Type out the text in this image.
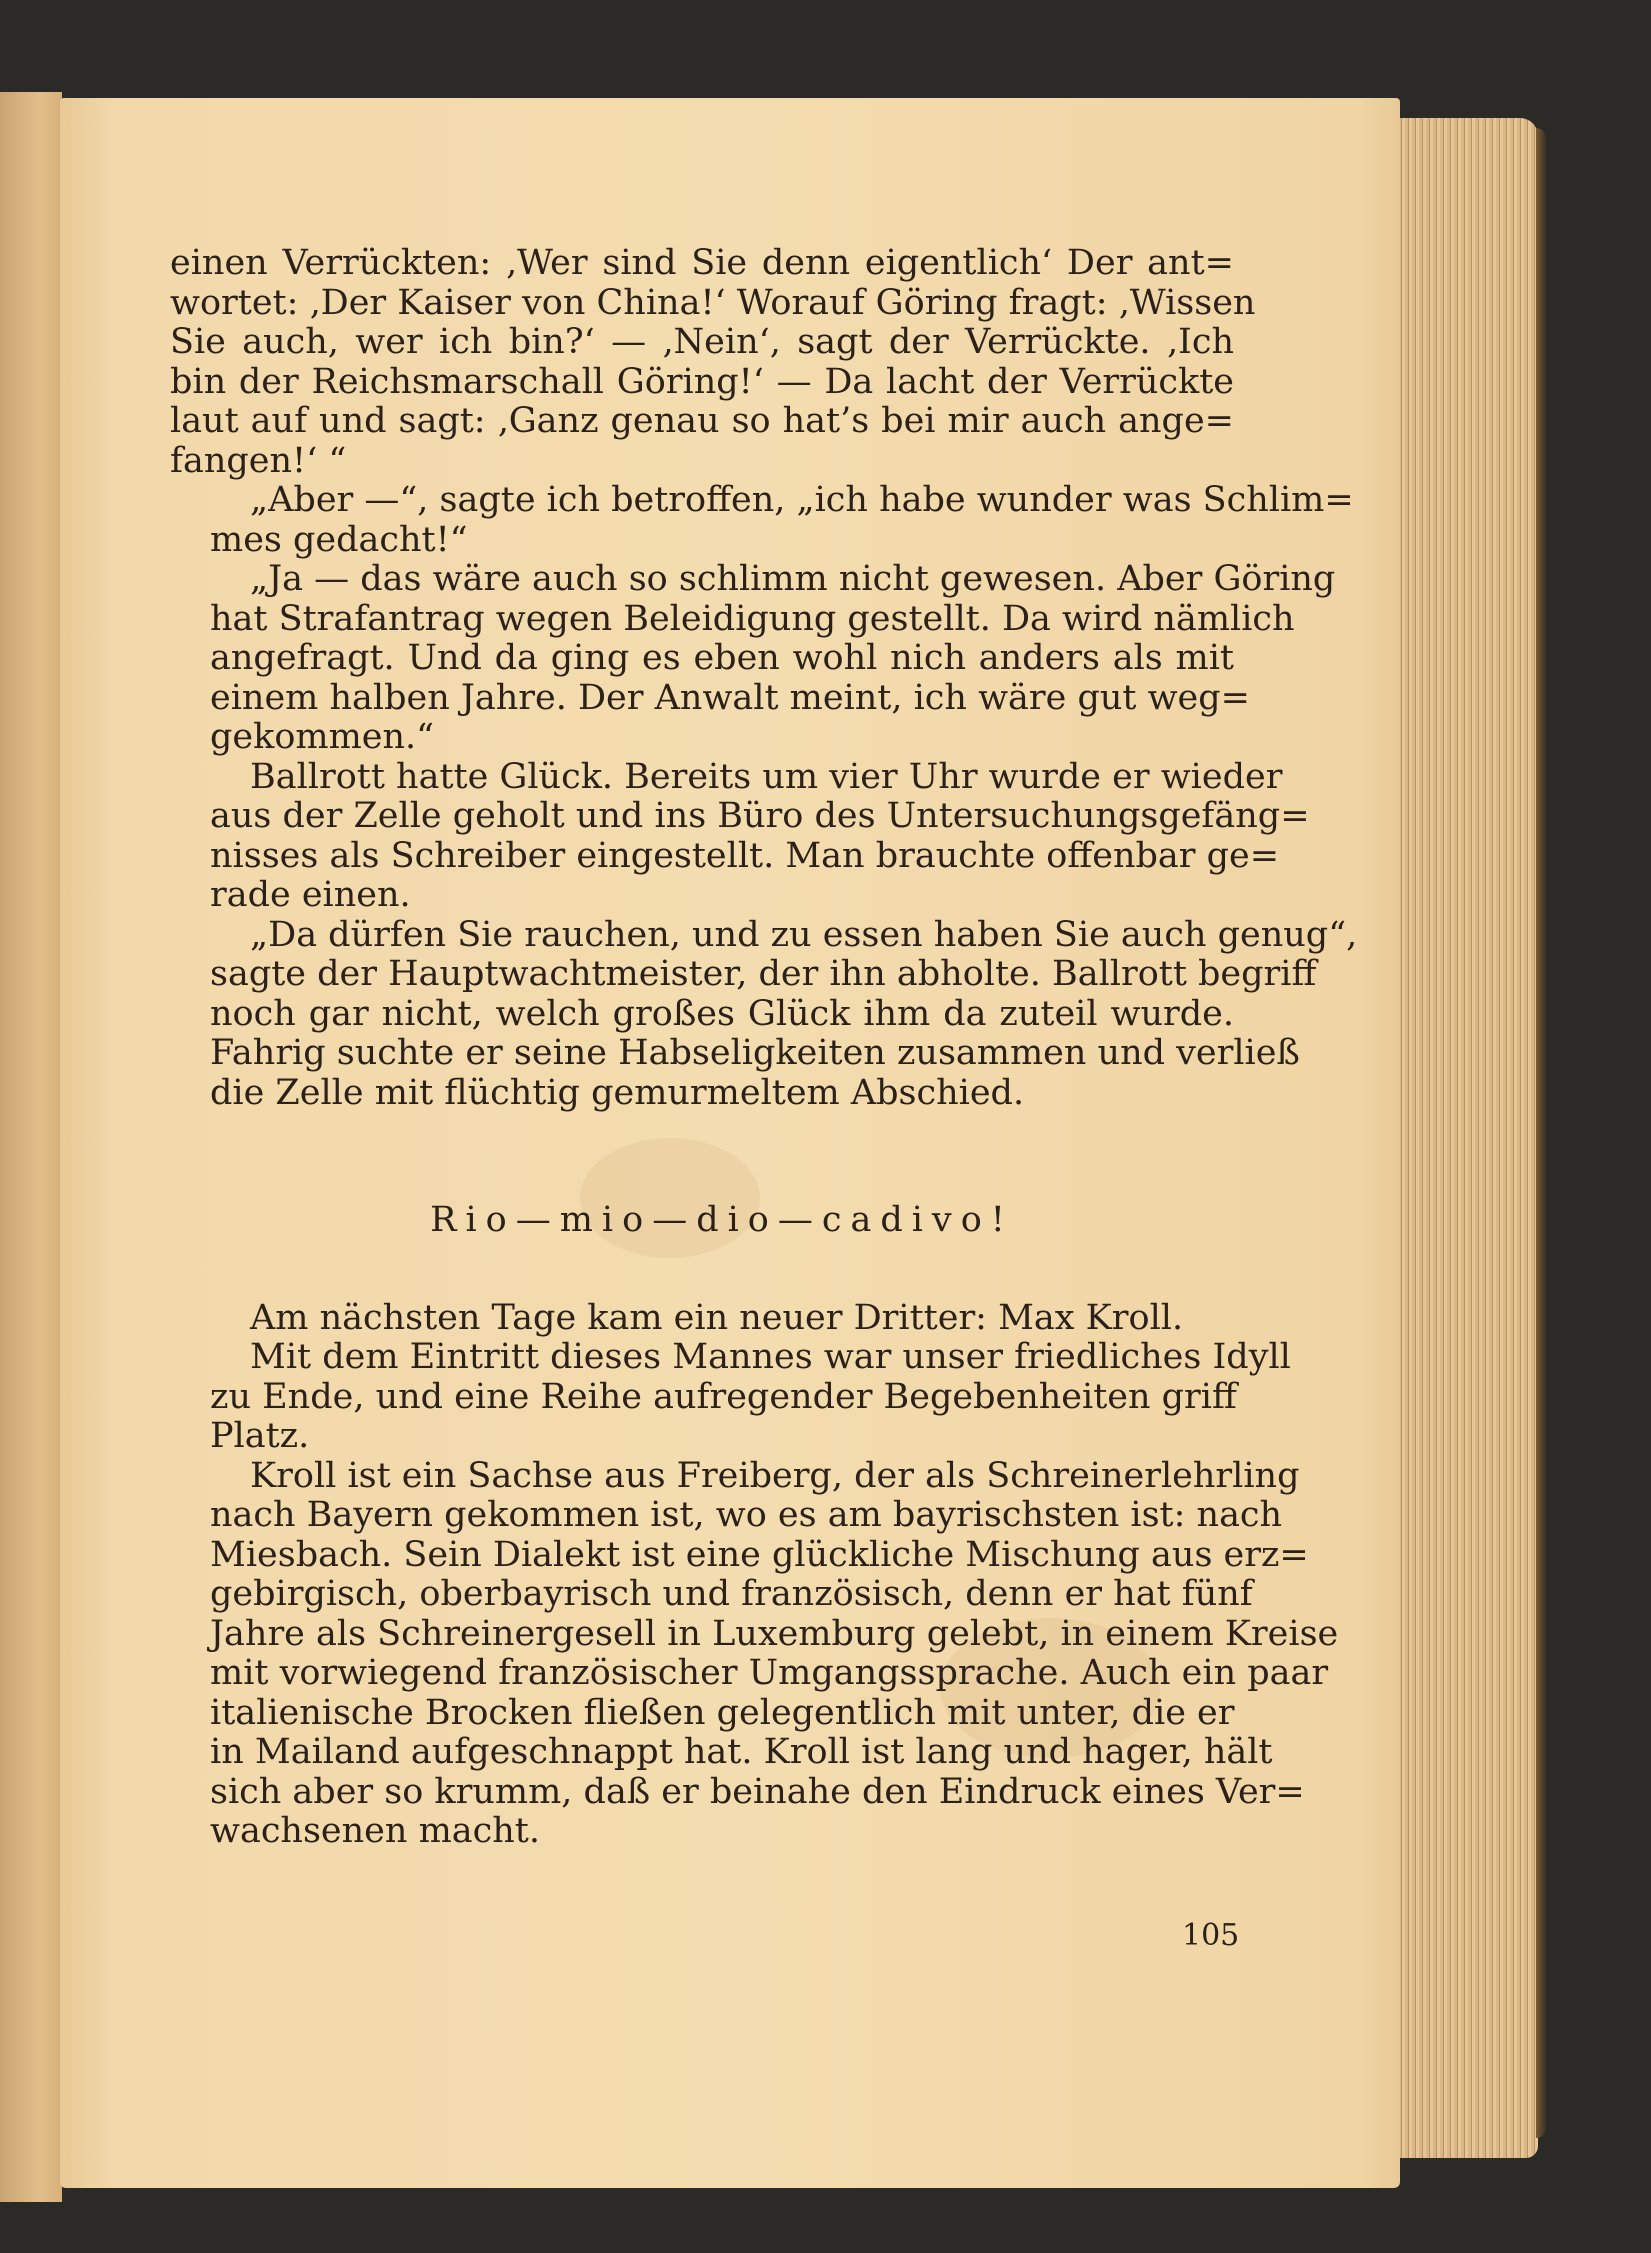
einen Verrückten: ‚Wer sind Sie denn eigentlich‘ Der ant=
wortet: ‚Der Kaiser von China!‘ Worauf Göring fragt: ‚Wissen
Sie auch, wer ich bin?‘ — ‚Nein‘, sagt der Verrückte. ‚Ich
bin der Reichsmarschall Göring!‘ — Da lacht der Verrückte
laut auf und sagt: ‚Ganz genau so hat’s bei mir auch ange=
fangen!‘ “
„Aber —“, sagte ich betroffen, „ich habe wunder was Schlim=
mes gedacht!“
„Ja — das wäre auch so schlimm nicht gewesen. Aber Göring
hat Strafantrag wegen Beleidigung gestellt. Da wird nämlich
angefragt. Und da ging es eben wohl nich anders als mit
einem halben Jahre. Der Anwalt meint, ich wäre gut weg=
gekommen.“
Ballrott hatte Glück. Bereits um vier Uhr wurde er wieder
aus der Zelle geholt und ins Büro des Untersuchungsgefäng=
nisses als Schreiber eingestellt. Man brauchte offenbar ge=
rade einen.
„Da dürfen Sie rauchen, und zu essen haben Sie auch genug“,
sagte der Hauptwachtmeister, der ihn abholte. Ballrott begriff
noch gar nicht, welch großes Glück ihm da zuteil wurde.
Fahrig suchte er seine Habseligkeiten zusammen und verließ
die Zelle mit flüchtig gemurmeltem Abschied.
Rio—mio—dio—cadivo!
Am nächsten Tage kam ein neuer Dritter: Max Kroll.
Mit dem Eintritt dieses Mannes war unser friedliches Idyll
zu Ende, und eine Reihe aufregender Begebenheiten griff
Platz.
Kroll ist ein Sachse aus Freiberg, der als Schreinerlehrling
nach Bayern gekommen ist, wo es am bayrischsten ist: nach
Miesbach. Sein Dialekt ist eine glückliche Mischung aus erz=
gebirgisch, oberbayrisch und französisch, denn er hat fünf
Jahre als Schreinergesell in Luxemburg gelebt, in einem Kreise
mit vorwiegend französischer Umgangssprache. Auch ein paar
italienische Brocken fließen gelegentlich mit unter, die er
in Mailand aufgeschnappt hat. Kroll ist lang und hager, hält
sich aber so krumm, daß er beinahe den Eindruck eines Ver=
wachsenen macht.
105
